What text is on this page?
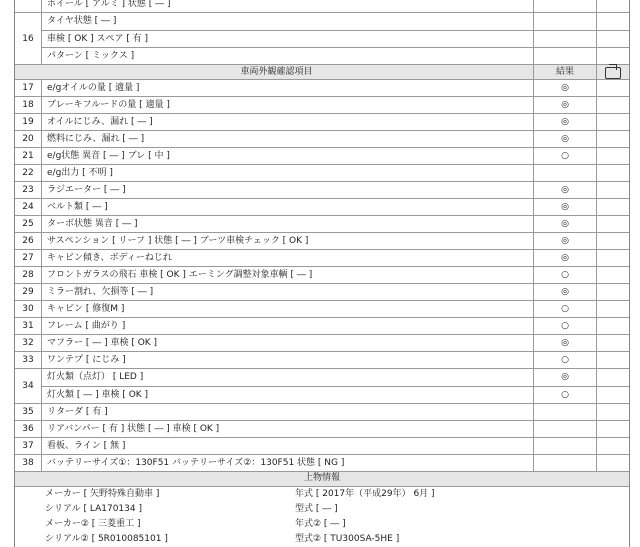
ホイール [ アルミ ] 状態 [ ― ]
16
タイヤ状態 [ ― ]
車検 [ OK ] スペア [ 有 ]
パターン [ ミックス ]
車両外観確認項目	結果
17	e/gオイルの量 [ 適量 ]	◎
18	ブレーキフルードの量 [ 適量 ]	◎
19	オイルにじみ、漏れ [ ― ]	◎
20	燃料にじみ、漏れ [ ― ]	◎
21	e/g状態 異音 [ ― ] ブレ [ 中 ]	○
22	e/g出力 [ 不明 ]
23	ラジエーター [ ― ]	◎
24	ベルト類 [ ― ]	◎
25	ターボ状態 異音 [ ― ]	◎
26	サスペンション [ リーフ ] 状態 [ ― ] ブーツ車検チェック [ OK ]	◎
27	キャビン傾き、ボディーねじれ	◎
28	フロントガラスの飛石 車検 [ OK ] エーミング調整対象車輌 [ ― ]	○
29	ミラー割れ、欠損等 [ ― ]	◎
30	キャビン [ 修復M ]	○
31	フレーム [ 曲がり ]	○
32	マフラー [ ― ] 車検 [ OK ]	◎
33	ワンテプ [ にじみ ]	○
34
灯火類（点灯） [ LED ]	◎
灯火類 [ ― ] 車検 [ OK ]	○
35	リターダ [ 有 ]
36	リアバンパー [ 有 ] 状態 [ ― ] 車検 [ OK ]
37	看板、ライン [ 無 ]
38	バッテリーサイズ①：130F51 バッテリーサイズ②：130F51 状態 [ NG ]
上物情報
メーカー [ 矢野特殊自動車 ]	年式 [ 2017年（平成29年） 6月 ]
シリアル [ LA170134 ]	型式 [ ― ]
メーカー② [ 三菱重工 ]	年式② [ ― ]
シリアル② [ 5R010085101 ]	型式② [ TU300SA-5HE ]
